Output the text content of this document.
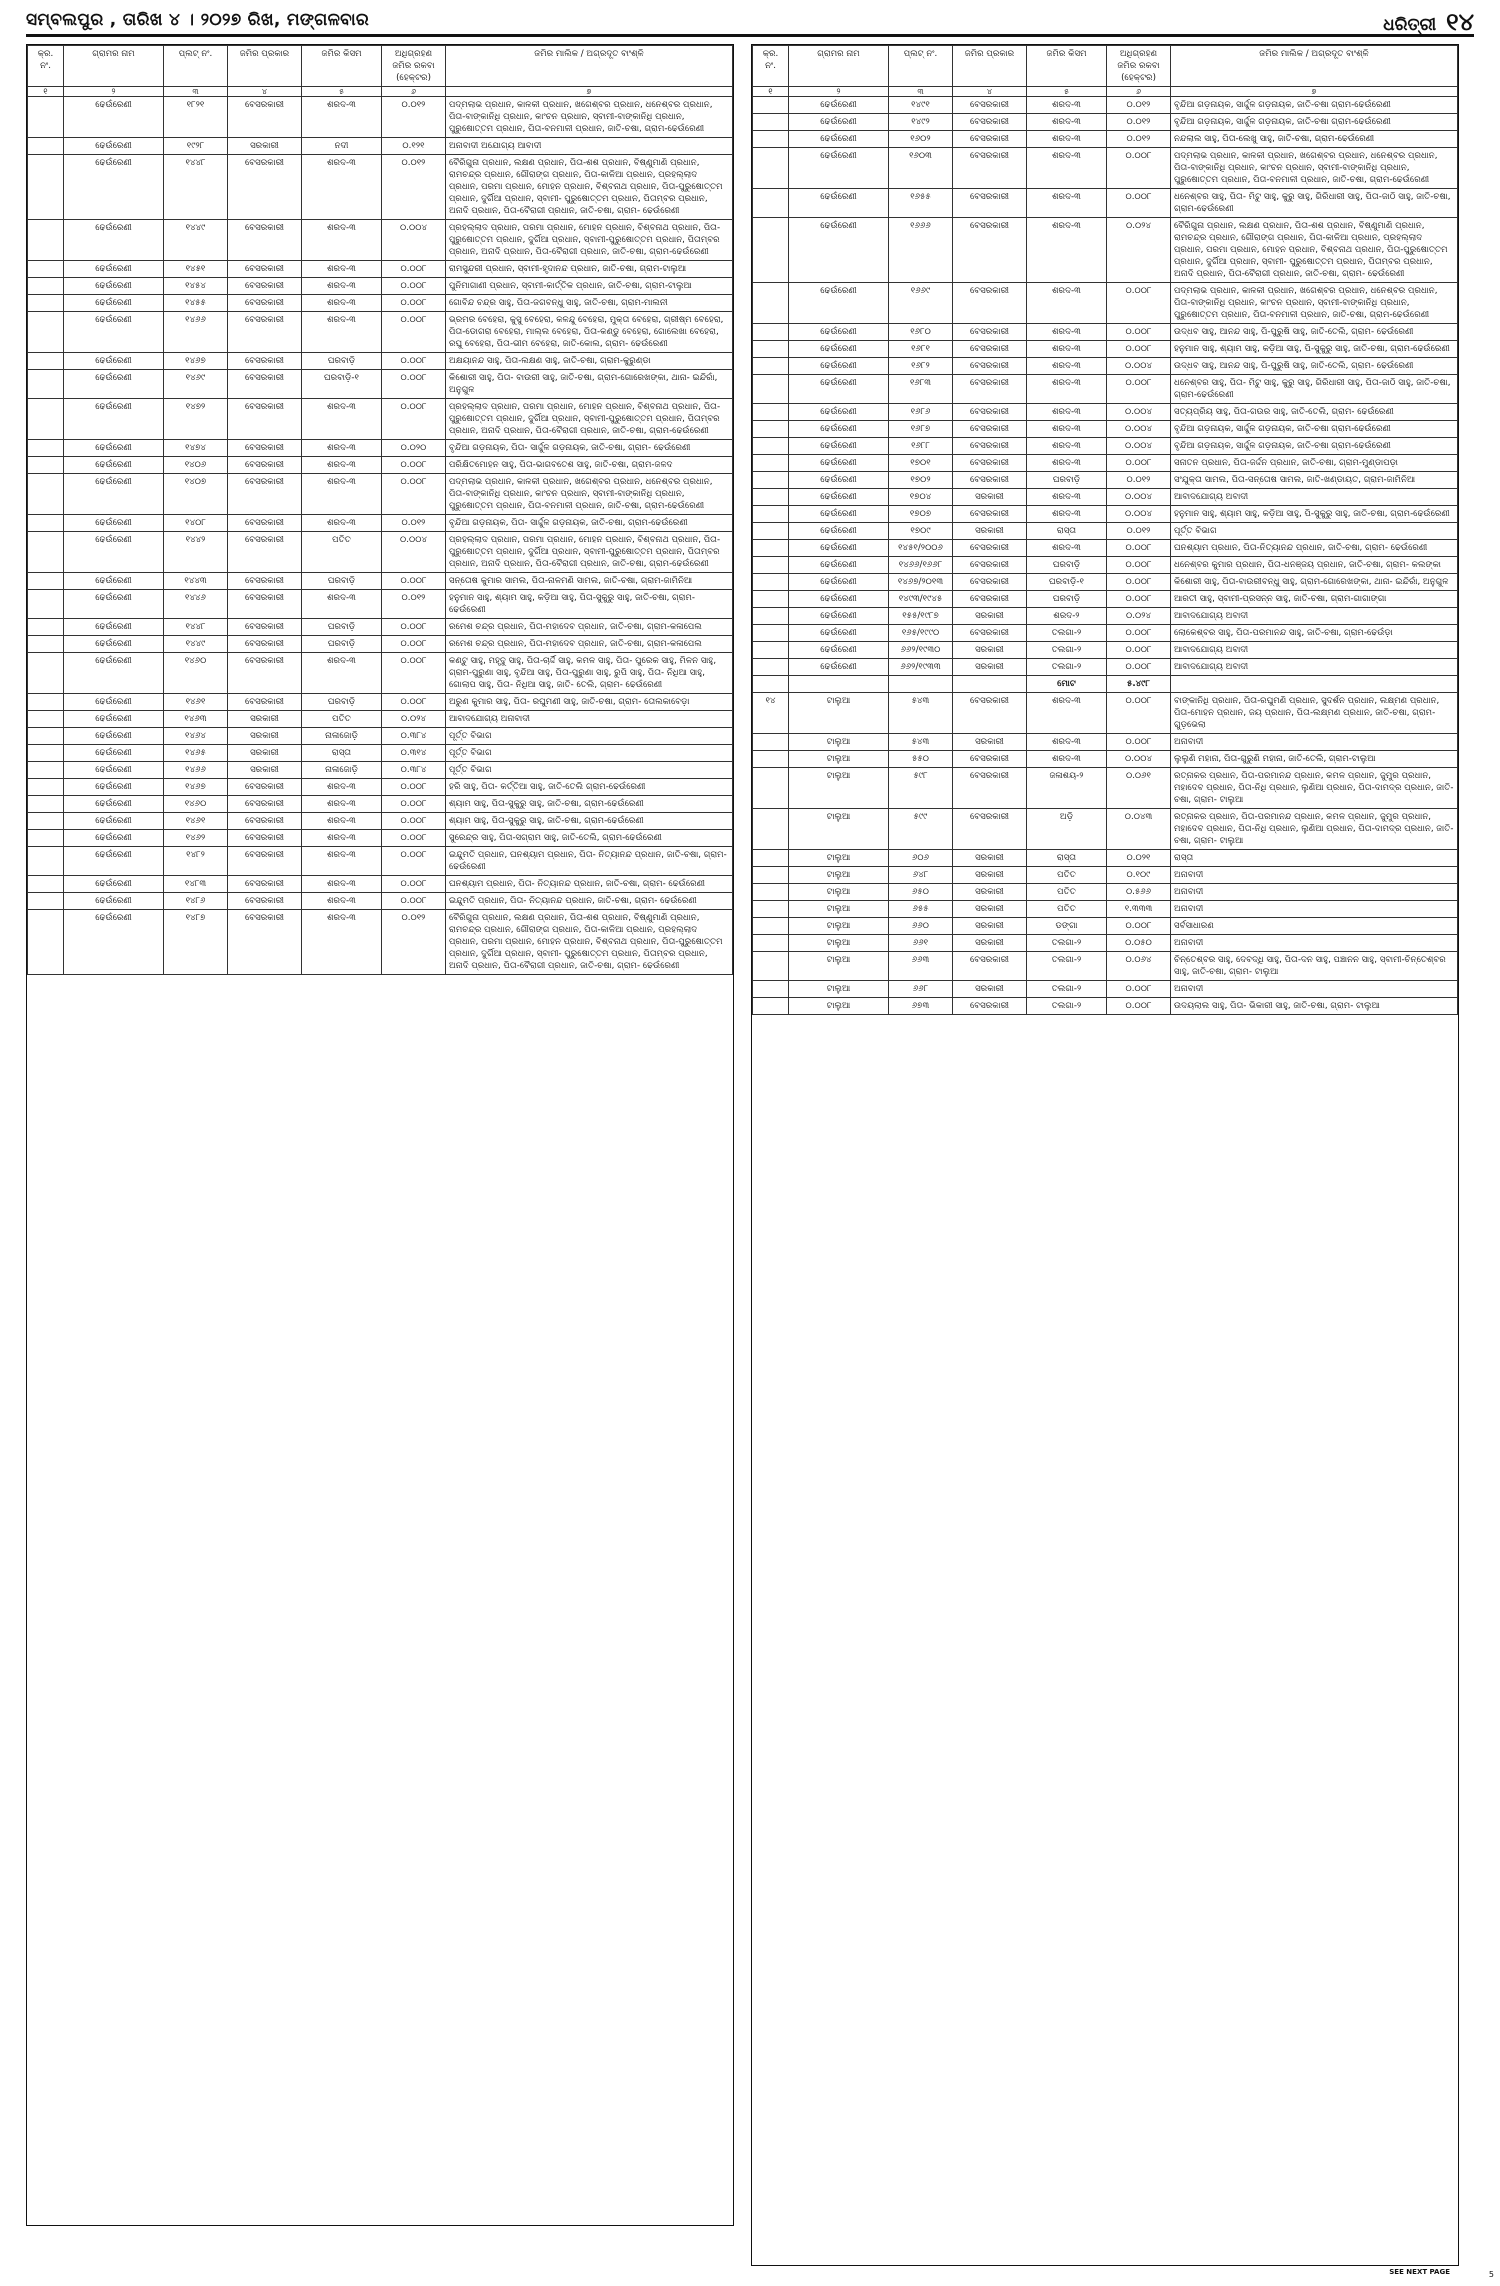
ସମ୍ବଲପୁର , ତାରିଖ ୪ । ୨୦୨୭ ରିଖ, ମଙ୍ଗଳବାର	ଧରିତ୍ରୀ ୧୪
କ୍ର. ନଂ.	ଗ୍ରାମର ନାମ	ପ୍ଲଟ୍ ନଂ.	ଜମିର ପ୍ରକାର	ଜମିର କିସମ	ଅଧିଗ୍ରହଣ ଜମିର ରକବା (ହେକ୍ଟର)	ଜମିର ମାଲିକ / ଅଗ୍ରଦୂତ ବାଂଶ୍ଳି
୧	୨	୩	୪	୫	୬	୭
	ଢେଉଁରେଣୀ	୧୮୨୧	ବେସରକାରୀ	ଶରଦ-୩	୦.୦୧୨	ପଦ୍ମଲାଭ ପ୍ରଧାନ, କାଳକୀ ପ୍ରଧାନ, ଖଗେଶ୍ବର ପ୍ରଧାନ, ଧନେଶ୍ବର ପ୍ରଧାନ, ପିତା-ବାଙ୍କାନିଧି ପ୍ରଧାନ, କାଂଚନ ପ୍ରଧାନ, ସ୍ବାମୀ-ବାଙ୍କାନିଧି ପ୍ରଧାନ, ପୁରୁଷୋତ୍ତମ ପ୍ରଧାନ, ପିତା-ବନମାଳୀ ପ୍ରଧାନ, ଜାତି-ଚଷା, ଗ୍ରାମ-ଢେଉଁରେଣୀ
	ଢେଉଁରେଣୀ	୧୯୨୮	ସରକାରୀ	ନଦୀ	୦.୧୨୧	ଅନାବାଦୀ ଅଯୋଗ୍ୟ ଆବାଦୀ
	ଢେଉଁରେଣୀ	୧୪୪୮	ବେସରକାରୀ	ଶରଦ-୩	୦.୦୧୨	ବୈରିଗୁନା ପ୍ରଧାନ, ଲକ୍ଷଣ ପ୍ରଧାନ, ପିତା-ଶଶ ପ୍ରଧାନ, ବିଷ୍ଣୁମାଣି ପ୍ରଧାନ, ରାମଚନ୍ଦ୍ର ପ୍ରଧାନ, ଗୌରାଙ୍ଗ ପ୍ରଧାନ, ପିତା-କାଳିଆ ପ୍ରଧାନ, ପ୍ରହଲ୍ଲାଦ ପ୍ରଧାନ, ପରମା ପ୍ରଧାନ, ମୋହନ ପ୍ରଧାନ, ବିଶ୍ବନାଥ ପ୍ରଧାନ, ପିତା-ପୁରୁଷୋତ୍ତମ ପ୍ରଧାନ, ଦୁର୍ଗିଆ ପ୍ରଧାନ, ସ୍ବାମୀ- ପୁରୁଷୋତ୍ତମ ପ୍ରଧାନ, ପିତାମ୍ବର ପ୍ରଧାନ, ଅନାଦି ପ୍ରଧାନ, ପିତା-ବୈରାଗୀ ପ୍ରଧାନ, ଜାତି-ଚଷା, ଗ୍ରାମ- ଢେଉଁରେଣୀ
	ଢେଉଁରେଣୀ	୧୪୪୯	ବେସରକାରୀ	ଶରଦ-୩	୦.୦୦୪	ପ୍ରହଲ୍ଲାଦ ପ୍ରଧାନ, ପରମା ପ୍ରଧାନ, ମୋହନ ପ୍ରଧାନ, ବିଶ୍ବନାଥ ପ୍ରଧାନ, ପିତା- ପୁରୁଷୋତ୍ତମ ପ୍ରଧାନ, ଦୁର୍ଗିଆ ପ୍ରଧାନ, ସ୍ବାମୀ-ପୁରୁଷୋତ୍ତମ ପ୍ରଧାନ, ପିତାମ୍ବର ପ୍ରଧାନ, ଅନାଦି ପ୍ରଧାନ, ପିତା-ବୈରାଗୀ ପ୍ରଧାନ, ଜାତି-ଚଷା, ଗ୍ରାମ-ଢେଉଁରେଣୀ
	ଢେଉଁରେଣୀ	୧୪୫୧	ବେସରକାରୀ	ଶରଦ-୩	୦.୦୦୮	ରାମସୁନ୍ଦରୀ ପ୍ରଧାନ, ସ୍ବାମୀ-ହୃଦାନନ୍ଦ ପ୍ରଧାନ, ଜାତି-ଚଷା, ଗ୍ରାମ-ଟାଲୁଆ
	ଢେଉଁରେଣୀ	୧୪୫୪	ବେସରକାରୀ	ଶରଦ-୩	୦.୦୦୮	ପୁନିମାଗାଣୀ ପ୍ରଧାନ, ସ୍ବାମୀ-କାର୍ତ୍ତିକ ପ୍ରଧାନ, ଜାତି-ଚଷା, ଗ୍ରାମ-ଟାଲୁଆ
	ଢେଉଁରେଣୀ	୧୪୫୫	ବେସରକାରୀ	ଶରଦ-୩	୦.୦୦୮	ଗୋବିନ୍ଦ ଚନ୍ଦ୍ର ସାହୁ, ପିତା-ଜଗବନ୍ଧୁ ସାହୁ, ଜାତି-ଚଷା, ଗ୍ରାମ-ମାଲନୀ
	ଢେଉଁରେଣୀ	୧୪୬୬	ବେସରକାରୀ	ଶରଦ-୩	୦.୦୦୮	ଭ୍ରମର ବେହେରା, କୁସୁ ବେହେରା, କଳନ୍ଦୁ ବେହେରା, ମୁକ୍ତା ବେହେରା, ଗ୍ରୀଷ୍ମ ବେହେରା, ପିତା-ଡୋଗରା ବେହେରା, ମାଲ୍ଲ ବେହେରା, ପିତା-କଣ୍ଡୁ ବେହେରା, ଗୋଲେଖା ବେହେରା, ରଘୁ ବେହେରା, ପିତା-ଭୀମ ବେହେରା, ଜାତି-କୋଲ, ଗ୍ରାମ- ଢେଉଁରେଣୀ
	ଢେଉଁରେଣୀ	୧୪୬୭	ବେସରକାରୀ	ଘରବାଡ଼ି	୦.୦୦୮	ଅକ୍ଷୟାନନ୍ଦ ସାହୁ, ପିତା-ଲକ୍ଷଣ ସାହୁ, ଜାତି-ଚଷା, ଗ୍ରାମ-କୁରୁଣ୍ଡା
	ଢେଉଁରେଣୀ	୧୪୬୯	ବେସରକାରୀ	ଘରବାଡ଼ି-୧	୦.୦୦୮	କିଶୋରୀ ସାହୁ, ପିତା- ବାଉରୀ ସାହୁ, ଜାତି-ଚଷା, ଗ୍ରାମ-ଗୋରେଖଙ୍କା, ଥାନା- ଇନ୍ଦିରାଁ, ଅନୁଗୁଳ
	ଢେଉଁରେଣୀ	୧୪୭୨	ବେସରକାରୀ	ଶରଦ-୩	୦.୦୦୮	ପ୍ରହଲ୍ଲାଦ ପ୍ରଧାନ, ପରମା ପ୍ରଧାନ, ମୋହନ ପ୍ରଧାନ, ବିଶ୍ବନାଥ ପ୍ରଧାନ, ପିତା- ପୁରୁଷୋତ୍ତମ ପ୍ରଧାନ, ଦୁର୍ଗିଆ ପ୍ରଧାନ, ସ୍ବାମୀ-ପୁରୁଷୋତ୍ତମ ପ୍ରଧାନ, ପିତାମ୍ବର ପ୍ରଧାନ, ଅନାଦି ପ୍ରଧାନ, ପିତା-ବୈରାଗୀ ପ୍ରଧାନ, ଜାତି-ଚଷା, ଗ୍ରାମ-ଢେଉଁରେଣୀ
	ଢେଉଁରେଣୀ	୧୪୭୪	ବେସରକାରୀ	ଶରଦ-୩	୦.୦୨୦	ବୃନ୍ଦିଆ ଗଡ଼ନାୟକ, ପିତା- ସାର୍ଦ୍ଦୁଳ ଗଡ଼ନାୟକ, ଜାତି-ଚଷା, ଗ୍ରାମ- ଢେଉଁରେଣୀ
	ଢେଉଁରେଣୀ	୧୪୦୬	ବେସରକାରୀ	ଶରଦ-୩	୦.୦୦୮	ପରିକ୍ଷିତମୋହନ ସାହୁ, ପିତା-ଭାଗବତେଶ ସାହୁ, ଜାତି-ଚଷା, ଗ୍ରାମ-ଜଳଦ
	ଢେଉଁରେଣୀ	୧୪୦୭	ବେସରକାରୀ	ଶରଦ-୩	୦.୦୦୮	ପଦ୍ମଲାଭ ପ୍ରଧାନ, କାଳକୀ ପ୍ରଧାନ, ଖଗେଶ୍ବର ପ୍ରଧାନ, ଧନେଶ୍ବର ପ୍ରଧାନ, ପିତା-ବାଙ୍କାନିଧି ପ୍ରଧାନ, କାଂଚନ ପ୍ରଧାନ, ସ୍ବାମୀ-ବାଙ୍କାନିଧି ପ୍ରଧାନ, ପୁରୁଷୋତ୍ତମ ପ୍ରଧାନ, ପିତା-ବନମାଳୀ ପ୍ରଧାନ, ଜାତି-ଚଷା, ଗ୍ରାମ-ଢେଉଁରେଣୀ
	ଢେଉଁରେଣୀ	୧୪୦୮	ବେସରକାରୀ	ଶରଦ-୩	୦.୦୧୨	ବୃନ୍ଦିଆ ଗଡ଼ନାୟକ, ପିତା- ସାର୍ଦ୍ଦୁଳ ଗଡ଼ନାୟକ, ଜାତି-ଚଷା, ଗ୍ରାମ-ଢେଉଁରେଣୀ
	ଢେଉଁରେଣୀ	୧୪୪୨	ବେସରକାରୀ	ପତିତ	୦.୦୦୪	ପ୍ରହଲ୍ଲାଦ ପ୍ରଧାନ, ପରମା ପ୍ରଧାନ, ମୋହନ ପ୍ରଧାନ, ବିଶ୍ବନାଥ ପ୍ରଧାନ, ପିତା- ପୁରୁଷୋତ୍ତମ ପ୍ରଧାନ, ଦୁର୍ଗିଆ ପ୍ରଧାନ, ସ୍ବାମୀ-ପୁରୁଷୋତ୍ତମ ପ୍ରଧାନ, ପିତାମ୍ବର ପ୍ରଧାନ, ଅନାଦି ପ୍ରଧାନ, ପିତା-ବୈରାଗୀ ପ୍ରଧାନ, ଜାତି-ଚଷା, ଗ୍ରାମ-ଢେଉଁରେଣୀ
	ଢେଉଁରେଣୀ	୧୪୪୩	ବେସରକାରୀ	ଘରବାଡ଼ି	୦.୦୦୮	ସନ୍ତୋଷ କୁମାର ସାମଲ, ପିତା-ନାଳମଣି ସାମଲ, ଜାତି-ଚଷା, ଗ୍ରାମ-ଜାମିନିଆ
	ଢେଉଁରେଣୀ	୧୪୪୬	ବେସରକାରୀ	ଶରଦ-୩	୦.୦୧୨	ହନୁମାନ ସାହୁ, ଶ୍ୟାମ ସାହୁ, କଡ଼ିଆ ସାହୁ, ପିତା-ସୁକୁରୁ ସାହୁ, ଜାତି-ଚଷା, ଗ୍ରାମ-ଢେଉଁରେଣୀ
	ଢେଉଁରେଣୀ	୧୪୪୮	ବେସରକାରୀ	ଘରବାଡ଼ି	୦.୦୦୮	ରମେଶ ଚନ୍ଦ୍ର ପ୍ରଧାନ, ପିତା-ମହାଦେବ ପ୍ରଧାନ, ଜାତି-ଚଷା, ଗ୍ରାମ-କଳାପେଲ
	ଢେଉଁରେଣୀ	୧୪୪୯	ବେସରକାରୀ	ଘରବାଡ଼ି	୦.୦୦୮	ରମେଶ ଚନ୍ଦ୍ର ପ୍ରଧାନ, ପିତା-ମହାଦେବ ପ୍ରଧାନ, ଜାତି-ଚଷା, ଗ୍ରାମ-କଳାପେଲ
	ଢେଉଁରେଣୀ	୧୪୬୦	ବେସରକାରୀ	ଶରଦ-୩	୦.୦୦୮	କଣ୍ଟୁ ସାହୁ, ମହୃଦୁ ସାହୁ, ପିତା-ଚାର୍ଦ୍ଦି ସାହୁ, କମଳ ସାହୁ, ପିତା- ପୁରେକ ସାହୁ, ମିଳନ ସାହୁ, ଗ୍ରାମ-ପୁରୁଣା ସାହୁ, ବୃନ୍ଦିଆ ସାହୁ, ପିତା-ପୁରୁଣା ସାହୁ, ରୁପି ସାହୁ, ପିତା- ନିଧିଆ ସାହୁ, ଗୋଲାପ ସାହୁ, ପିତା- ନିଧିଆ ସାହୁ, ଜାତି- ତେଲି, ଗ୍ରାମ- ଢେଉଁରେଣୀ
	ଢେଉଁରେଣୀ	୧୪୬୧	ବେସରକାରୀ	ଘରବାଡ଼ି	୦.୦୦୮	ଅରୁଣ କୁମାର ସାହୁ, ପିତା- ରଘୁମଣୀ ସାହୁ, ଜାତି-ଚଷା, ଗ୍ରାମ- ତୋଲକାବେଡ଼ା
	ଢେଉଁରେଣୀ	୧୪୬୩	ସରକାରୀ	ପତିତ	୦.୦୨୪	ଆବାଦଯୋଗ୍ୟ ଅନାବାଦୀ
	ଢେଉଁରେଣୀ	୧୪୬୪	ସରକାରୀ	ନାଳାଜୋଡ଼ି	୦.୩୮୪	ପୂର୍ତ୍ତ ବିଭାଗ
	ଢେଉଁରେଣୀ	୧୪୬୫	ସରକାରୀ	ରାସ୍ତା	୦.୩୧୪	ପୂର୍ତ୍ତ ବିଭାଗ
	ଢେଉଁରେଣୀ	୧୪୬୬	ସରକାରୀ	ନାଳାଜୋଡ଼ି	୦.୩୮୪	ପୂର୍ତ୍ତ ବିଭାଗ
	ଢେଉଁରେଣୀ	୧୪୬୭	ବେସରକାରୀ	ଶରଦ-୩	୦.୦୦୮	ହରି ସାହୁ, ପିତା- କର୍ତ୍ତିଆ ସାହୁ, ଜାତି-ତେଲି ଗ୍ରାମ-ଢେଉଁରେଣୀ
	ଢେଉଁରେଣୀ	୧୪୬୦	ବେସରକାରୀ	ଶରଦ-୩	୦.୦୦୮	ଶ୍ୟାମ ସାହୁ, ପିତା-ସୁକୁରୁ ସାହୁ, ଜାତି-ଚଷା, ଗ୍ରାମ-ଢେଉଁରେଣୀ
	ଢେଉଁରେଣୀ	୧୪୬୧	ବେସରକାରୀ	ଶରଦ-୩	୦.୦୦୮	ଶ୍ୟାମ ସାହୁ, ପିତା-ସୁକୁରୁ ସାହୁ, ଜାତି-ଚଷା, ଗ୍ରାମ-ଢେଉଁରେଣୀ
	ଢେଉଁରେଣୀ	୧୪୬୨	ବେସରକାରୀ	ଶରଦ-୩	୦.୦୦୮	ସୁରେନ୍ଦ୍ର ସାହୁ, ପିତା-ସଗ୍ରାମ ସାହୁ, ଜାତି-ତେଲି, ଗ୍ରାମ-ଢେଉଁରେଣୀ
	ଢେଉଁରେଣୀ	୧୪୮୨	ବେସରକାରୀ	ଶରଦ-୩	୦.୦୦୮	ଇନ୍ଦୁମତି ପ୍ରଧାନ, ଘନଶ୍ୟାମ ପ୍ରଧାନ, ପିତା- ନିତ୍ୟାନନ୍ଦ ପ୍ରଧାନ, ଜାତି-ଚଷା, ଗ୍ରାମ- ଢେଉଁରେଣୀ
	ଢେଉଁରେଣୀ	୧୪୮୩	ବେସରକାରୀ	ଶରଦ-୩	୦.୦୦୮	ଘନଶ୍ୟାମ ପ୍ରଧାନ, ପିତା- ନିତ୍ୟାନନ୍ଦ ପ୍ରଧାନ, ଜାତି-ଚଷା, ଗ୍ରାମ- ଢେଉଁରେଣୀ
	ଢେଉଁରେଣୀ	୧୪୮୬	ବେସରକାରୀ	ଶରଦ-୩	୦.୦୦୮	ଇନ୍ଦୁମତି ପ୍ରଧାନ, ପିତା- ନିତ୍ୟାନନ୍ଦ ପ୍ରଧାନ, ଜାତି-ଚଷା, ଗ୍ରାମ- ଢେଉଁରେଣୀ
	ଢେଉଁରେଣୀ	୧୪୮୭	ବେସରକାରୀ	ଶରଦ-୩	୦.୦୧୨	ବୈରିଗୁନା ପ୍ରଧାନ, ଲକ୍ଷଣ ପ୍ରଧାନ, ପିତା-ଶଶ ପ୍ରଧାନ, ବିଷ୍ଣୁମାଣି ପ୍ରଧାନ, ରାମଚନ୍ଦ୍ର ପ୍ରଧାନ, ଗୌରାଙ୍ଗ ପ୍ରଧାନ, ପିତା-କାଳିଆ ପ୍ରଧାନ, ପ୍ରହଲ୍ଲାଦ ପ୍ରଧାନ, ପରମା ପ୍ରଧାନ, ମୋହନ ପ୍ରଧାନ, ବିଶ୍ବନାଥ ପ୍ରଧାନ, ପିତା-ପୁରୁଷୋତ୍ତମ ପ୍ରଧାନ, ଦୁର୍ଗିଆ ପ୍ରଧାନ, ସ୍ବାମୀ- ପୁରୁଷୋତ୍ତମ ପ୍ରଧାନ, ପିତାମ୍ବର ପ୍ରଧାନ, ଅନାଦି ପ୍ରଧାନ, ପିତା-ବୈରାଗୀ ପ୍ରଧାନ, ଜାତି-ଚଷା, ଗ୍ରାମ- ଢେଉଁରେଣୀ
କ୍ର. ନଂ.	ଗ୍ରାମର ନାମ	ପ୍ଲଟ୍ ନଂ.	ଜମିର ପ୍ରକାର	ଜମିର କିସମ	ଅଧିଗ୍ରହଣ ଜମିର ରକବା (ହେକ୍ଟର)	ଜମିର ମାଲିକ / ଅଗ୍ରଦୂତ ବାଂଶ୍ଳି
୧	୨	୩	୪	୫	୬	୭
	ଢେଉଁରେଣୀ	୧୪୯୧	ବେସରକାରୀ	ଶରଦ-୩	୦.୦୧୨	ବୃନ୍ଦିଆ ଗଡ଼ନାୟକ, ସାର୍ଦ୍ଦୁଳ ଗଡ଼ନାୟକ, ଜାତି-ଚଷା ଗ୍ରାମ-ଢେଉଁରେଣୀ
	ଢେଉଁରେଣୀ	୧୪୯୨	ବେସରକାରୀ	ଶରଦ-୩	୦.୦୧୨	ବୃନ୍ଦିଆ ଗଡ଼ନାୟକ, ସାର୍ଦ୍ଦୁଳ ଗଡ଼ନାୟକ, ଜାତି-ଚଷା ଗ୍ରାମ-ଢେଉଁରେଣୀ
	ଢେଉଁରେଣୀ	୧୬୦୨	ବେସରକାରୀ	ଶରଦ-୩	୦.୦୧୨	ନନ୍ଦଲାଲ ସାହୁ, ପିତା-ଲେଖୁ ସାହୁ, ଜାତି-ଚଷା, ଗ୍ରାମ-ଢେଉଁରେଣୀ
	ଢେଉଁରେଣୀ	୧୬୦୩	ବେସରକାରୀ	ଶରଦ-୩	୦.୦୦୮	ପଦ୍ମଲାଭ ପ୍ରଧାନ, କାଳକୀ ପ୍ରଧାନ, ଖଗେଶ୍ବର ପ୍ରଧାନ, ଧନେଶ୍ବର ପ୍ରଧାନ, ପିତା-ବାଙ୍କାନିଧି ପ୍ରଧାନ, କାଂଚନ ପ୍ରଧାନ, ସ୍ବାମୀ-ବାଙ୍କାନିଧି ପ୍ରଧାନ, ପୁରୁଷୋତ୍ତମ ପ୍ରଧାନ, ପିତା-ବନମାଳୀ ପ୍ରଧାନ, ଜାତି-ଚଷା, ଗ୍ରାମ-ଢେଉଁରେଣୀ
	ଢେଉଁରେଣୀ	୧୬୫୫	ବେସରକାରୀ	ଶରଦ-୩	୦.୦୦୮	ଧନେଶ୍ବର ସାହୁ, ପିତା- ମିଟୁ ସାହୁ, କୁରୁ ସାହୁ, ଗିରିଧାରୀ ସାହୁ, ପିତା-ଜାଠି ସାହୁ, ଜାତି-ଚଷା, ଗ୍ରାମ-ଢେଉଁରେଣୀ
	ଢେଉଁରେଣୀ	୧୬୬୬	ବେସରକାରୀ	ଶରଦ-୩	୦.୦୨୪	ବୈରିଗୁନା ପ୍ରଧାନ, ଲକ୍ଷଣ ପ୍ରଧାନ, ପିତା-ଶଶ ପ୍ରଧାନ, ବିଷ୍ଣୁମାଣି ପ୍ରଧାନ, ରାମଚନ୍ଦ୍ର ପ୍ରଧାନ, ଗୌରାଙ୍ଗ ପ୍ରଧାନ, ପିତା-କାଳିଆ ପ୍ରଧାନ, ପ୍ରହଲ୍ଲାଦ ପ୍ରଧାନ, ପରମା ପ୍ରଧାନ, ମୋହନ ପ୍ରଧାନ, ବିଶ୍ବନାଥ ପ୍ରଧାନ, ପିତା-ପୁରୁଷୋତ୍ତମ ପ୍ରଧାନ, ଦୁର୍ଗିଆ ପ୍ରଧାନ, ସ୍ବାମୀ- ପୁରୁଷୋତ୍ତମ ପ୍ରଧାନ, ପିତାମ୍ବର ପ୍ରଧାନ, ଅନାଦି ପ୍ରଧାନ, ପିତା-ବୈରାଗୀ ପ୍ରଧାନ, ଜାତି-ଚଷା, ଗ୍ରାମ- ଢେଉଁରେଣୀ
	ଢେଉଁରେଣୀ	୧୬୬୯	ବେସରକାରୀ	ଶରଦ-୩	୦.୦୦୮	ପଦ୍ମଲାଭ ପ୍ରଧାନ, କାଳକୀ ପ୍ରଧାନ, ଖଗେଶ୍ବର ପ୍ରଧାନ, ଧନେଶ୍ବର ପ୍ରଧାନ, ପିତା-ବାଙ୍କାନିଧି ପ୍ରଧାନ, କାଂଚନ ପ୍ରଧାନ, ସ୍ବାମୀ-ବାଙ୍କାନିଧି ପ୍ରଧାନ, ପୁରୁଷୋତ୍ତମ ପ୍ରଧାନ, ପିତା-ବନମାଳୀ ପ୍ରଧାନ, ଜାତି-ଚଷା, ଗ୍ରାମ-ଢେଉଁରେଣୀ
	ଢେଉଁରେଣୀ	୧୬୮୦	ବେସରକାରୀ	ଶରଦ-୩	୦.୦୦୮	ଉଦ୍ଧବ ସାହୁ, ଆନନ୍ଦ ସାହୁ, ପି-ପୁରୁଷି ସାହୁ, ଜାତି-ତେଲି, ଗ୍ରାମ- ଢେଉଁରେଣୀ
	ଢେଉଁରେଣୀ	୧୬୮୧	ବେସରକାରୀ	ଶରଦ-୩	୦.୦୦୮	ହନୁମାନ ସାହୁ, ଶ୍ୟାମ ସାହୁ, କଡ଼ିଆ ସାହୁ, ପି-ସୁକୁରୁ ସାହୁ, ଜାତି-ଚଷା, ଗ୍ରାମ-ଢେଉଁରେଣୀ
	ଢେଉଁରେଣୀ	୧୬୮୨	ବେସରକାରୀ	ଶରଦ-୩	୦.୦୦୪	ଉଦ୍ଧବ ସାହୁ, ଆନନ୍ଦ ସାହୁ, ପି-ପୁରୁଷି ସାହୁ, ଜାତି-ତେଲି, ଗ୍ରାମ- ଢେଉଁରେଣୀ
	ଢେଉଁରେଣୀ	୧୬୮୩	ବେସରକାରୀ	ଶରଦ-୩	୦.୦୦୮	ଧନେଶ୍ବର ସାହୁ, ପିତା- ମିଟୁ ସାହୁ, କୁରୁ ସାହୁ, ଗିରିଧାରୀ ସାହୁ, ପିତା-ଜାଠି ସାହୁ, ଜାତି-ଚଷା, ଗ୍ରାମ-ଢେଉଁରେଣୀ
	ଢେଉଁରେଣୀ	୧୬୮୬	ବେସରକାରୀ	ଶରଦ-୩	୦.୦୦୪	ସତ୍ୟପ୍ରିୟ ସାହୁ, ପିତା-ଗଉର ସାହୁ, ଜାତି-ତେଲି, ଗ୍ରାମ- ଢେଉଁରେଣୀ
	ଢେଉଁରେଣୀ	୧୬୮୭	ବେସରକାରୀ	ଶରଦ-୩	୦.୦୦୪	ବୃନ୍ଦିଆ ଗଡ଼ନାୟକ, ସାର୍ଦ୍ଦୁଳ ଗଡ଼ନାୟକ, ଜାତି-ଚଷା ଗ୍ରାମ-ଢେଉଁରେଣୀ
	ଢେଉଁରେଣୀ	୧୬୮୮	ବେସରକାରୀ	ଶରଦ-୩	୦.୦୦୪	ବୃନ୍ଦିଆ ଗଡ଼ନାୟକ, ସାର୍ଦ୍ଦୁଳ ଗଡ଼ନାୟକ, ଜାତି-ଚଷା ଗ୍ରାମ-ଢେଉଁରେଣୀ
	ଢେଉଁରେଣୀ	୧୭୦୧	ବେସରକାରୀ	ଶରଦ-୩	୦.୦୦୮	ସନାତନ ପ୍ରଧାନ, ପିତା-ଜର୍ଦ୍ଦନ ପ୍ରଧାନ, ଜାତି-ଚଷା, ଗ୍ରାମ-ମୁଣ୍ଡାପଡ଼ା
	ଢେଉଁରେଣୀ	୧୭୦୨	ବେସରକାରୀ	ଘରବାଡ଼ି	୦.୦୧୨	ସଂଯୁକ୍ତା ସାମଲ, ପିତା-ସନ୍ତୋଷ ସାମଲ, ଜାତି-ଖଣ୍ଡାୟତ, ଗ୍ରାମ-ଜାମିନିଆ
	ଢେଉଁରେଣୀ	୧୭୦୪	ସରକାରୀ	ଶରଦ-୩	୦.୦୦୪	ଆବାଦଯୋଗ୍ୟ ଅବାଦୀ
	ଢେଉଁରେଣୀ	୧୭୦୭	ବେସରକାରୀ	ଶରଦ-୩	୦.୦୦୪	ହନୁମାନ ସାହୁ, ଶ୍ୟାମ ସାହୁ, କଡ଼ିଆ ସାହୁ, ପି-ସୁକୁରୁ ସାହୁ, ଜାତି-ଚଷା, ଗ୍ରାମ-ଢେଉଁରେଣୀ
	ଢେଉଁରେଣୀ	୧୭୦୯	ସରକାରୀ	ରାସ୍ତା	୦.୦୧୨	ପୂର୍ତ୍ତ ବିଭାଗ
	ଢେଉଁରେଣୀ	୧୪୫୧/୨୦୦୬	ବେସରକାରୀ	ଶରଦ-୩	୦.୦୦୮	ଘନଶ୍ୟାମ ପ୍ରଧାନ, ପିତା-ନିତ୍ୟାନନ୍ଦ ପ୍ରଧାନ, ଜାତି-ଚଷା, ଗ୍ରାମ- ଢେଉଁରେଣୀ
	ଢେଉଁରେଣୀ	୧୪୬୬/୧୬୬୮	ବେସରକାରୀ	ଘରବାଡ଼ି	୦.୦୦୮	ଧନେଶ୍ବର କୁମାର ପ୍ରଧାନ, ପିତା-ଧନଞ୍ଜୟ ପ୍ରଧାନ, ଜାତି-ଚଷା, ଗ୍ରାମ- କଲଙ୍କା
	ଢେଉଁରେଣୀ	୧୪୬୭/୨୦୧୩	ବେସରକାରୀ	ଘରବାଡ଼ି-୧	୦.୦୦୮	କିଶୋରୀ ସାହୁ, ପିତା-ବାଉରୀବନ୍ଧୁ ସାହୁ, ଗ୍ରାମ-ଗୋରେଖଙ୍କା, ଥାନା- ଇନ୍ଦିରାଁ, ଅନୁଗୁଳ
	ଢେଉଁରେଣୀ	୧୪୯୩/୧୯୪୫	ବେସରକାରୀ	ଘରବାଡ଼ି	୦.୦୦୮	ଆରତୀ ସାହୁ, ସ୍ବାମୀ-ପ୍ରସନ୍ନ ସାହୁ, ଜାତି-ଚଷା, ଗ୍ରାମ-ଗାଗାଙ୍ଗା
	ଢେଉଁରେଣୀ	୧୫୫/୧୯୮୭	ସରକାରୀ	ଶରଦ-୨	୦.୦୨୪	ଆବାଦଯୋଗ୍ୟ ଅବାଦୀ
	ଢେଉଁରେଣୀ	୧୬୫/୧୯୯୦	ବେସରକାରୀ	ତଲଗା-୨	୦.୦୦୮	ଲୋକେଶ୍ବର ସାହୁ, ପିତା-ପରମାନନ୍ଦ ସାହୁ, ଜାତି-ଚଷା, ଗ୍ରାମ-ଢେଉଁଡ଼ା
	ଢେଉଁରେଣୀ	୬୬୨/୧୯୩୦	ସରକାରୀ	ତଲଗା-୨	୦.୦୦୮	ଆବାଦଯୋଗ୍ୟ ଅବାଦୀ
	ଢେଉଁରେଣୀ	୬୬୨/୧୯୩୩	ସରକାରୀ	ତଲଗା-୨	୦.୦୦୮	ଆବାଦଯୋଗ୍ୟ ଅବାଦୀ
				ମୋଟ	୫.୪୯୮	
୧୪	ଟାଲୁଆ	୫୪୩	ବେସରକାରୀ	ଶରଦ-୩	୦.୦୦୮	ବାଙ୍କାନିଧି ପ୍ରଧାନ, ପିତା-ରଘୁମଣି ପ୍ରଧାନ, ସୁଦର୍ଶନ ପ୍ରଧାନ, ଲକ୍ଷ୍ମଣ ପ୍ରଧାନ, ପିତା-ମୋହନ ପ୍ରଧାନ, ଜୟ ପ୍ରଧାନ, ପିତା-ଲକ୍ଷ୍ମଣ ପ୍ରଧାନ, ଜାତି-ଚଷା, ଗ୍ରାମ-ଗୁଡ଼ଭେଲା
	ଟାଲୁଆ	୫୪୩	ସରକାରୀ	ଶରଦ-୩	୦.୦୦୮	ଅନାବାଦୀ
	ଟାଲୁଆ	୫୫୦	ବେସରକାରୀ	ଶରଦ-୩	୦.୦୦୪	ଲୁଲୁଣି ମହାନା, ପିତା-ଗୁରୁଣି ମହାନା, ଜାତି-ତେଲି, ଗ୍ରାମ-ଟାଲୁଆ
	ଟାଲୁଆ	୫୯୮	ବେସରକାରୀ	ଜଳାଶୟ-୨	୦.୦୬୧	ରତ୍ନାକର ପ୍ରଧାନ, ପିତା-ପରମାନନ୍ଦ ପ୍ରଧାନ, କମଳ ପ୍ରଧାନ, ଜୁମୁର ପ୍ରଧାନ, ମହାଦେବ ପ୍ରଧାନ, ପିତା-ନିଧି ପ୍ରଧାନ, ଲୁଣିଆ ପ୍ରଧାନ, ପିତା-ଦାମଦ୍ର ପ୍ରଧାନ, ଜାତି-ଚଷା, ଗ୍ରାମ- ଟାଲୁଆ
	ଟାଲୁଆ	୫୯୯	ବେସରକାରୀ	ଅଡ଼ି	୦.୦୪୩	ରତ୍ନାକର ପ୍ରଧାନ, ପିତା-ପରମାନନ୍ଦ ପ୍ରଧାନ, କମଳ ପ୍ରଧାନ, ଜୁମୁର ପ୍ରଧାନ, ମହାଦେବ ପ୍ରଧାନ, ପିତା-ନିଧି ପ୍ରଧାନ, ଲୁଣିଆ ପ୍ରଧାନ, ପିତା-ଦାମଦ୍ର ପ୍ରଧାନ, ଜାତି-ଚଷା, ଗ୍ରାମ- ଟାଲୁଆ
	ଟାଲୁଆ	୬୦୬	ସରକାରୀ	ରାସ୍ତା	୦.୦୨୧	ରାସ୍ତା
	ଟାଲୁଆ	୬୪୮	ସରକାରୀ	ପତିତ	୦.୧୦୯	ଅନାବାଦୀ
	ଟାଲୁଆ	୬୫୦	ସରକାରୀ	ପତିତ	୦.୫୬୬	ଅନାବାଦୀ
	ଟାଲୁଆ	୬୫୫	ସରକାରୀ	ପତିତ	୧.୩୩୩	ଅନାବାଦୀ
	ଟାଲୁଆ	୬୬୦	ସରକାରୀ	ଡଙ୍ଗା	୦.୦୦୮	ସର୍ବସାଧାରଣ
	ଟାଲୁଆ	୬୬୧	ସରକାରୀ	ତଲଗା-୨	୦.୦୫୦	ଅନାବାଦୀ
	ଟାଲୁଆ	୬୬୩	ବେସରକାରୀ	ତଲଗା-୨	୦.୦୬୪	ଚିନ୍ତେଶ୍ବର ସାହୁ, ଦେବଦ୍ଧି ସାହୁ, ପିତା-ଦନ ସାହୁ, ପଞ୍ଚାନନ ସାହୁ, ସ୍ବାମୀ-ଚିନ୍ତେଶ୍ବର ସାହୁ, ଜାତି-ଚଷା, ଗ୍ରାମ- ଟାଲୁଆ
	ଟାଲୁଆ	୬୬୮	ସରକାରୀ	ତଲଗା-୨	୦.୦୦୮	ଅନାବାଦୀ
	ଟାଲୁଆ	୬୭୩	ବେସରକାରୀ	ତଲଗା-୨	୦.୦୦୮	ଉଦୟଲାଲ ସାହୁ, ପିତା- ଭିକାରୀ ସାହୁ, ଜାତି-ଚଷା, ଗ୍ରାମ- ଟାଲୁଆ
SEE NEXT PAGE	5
